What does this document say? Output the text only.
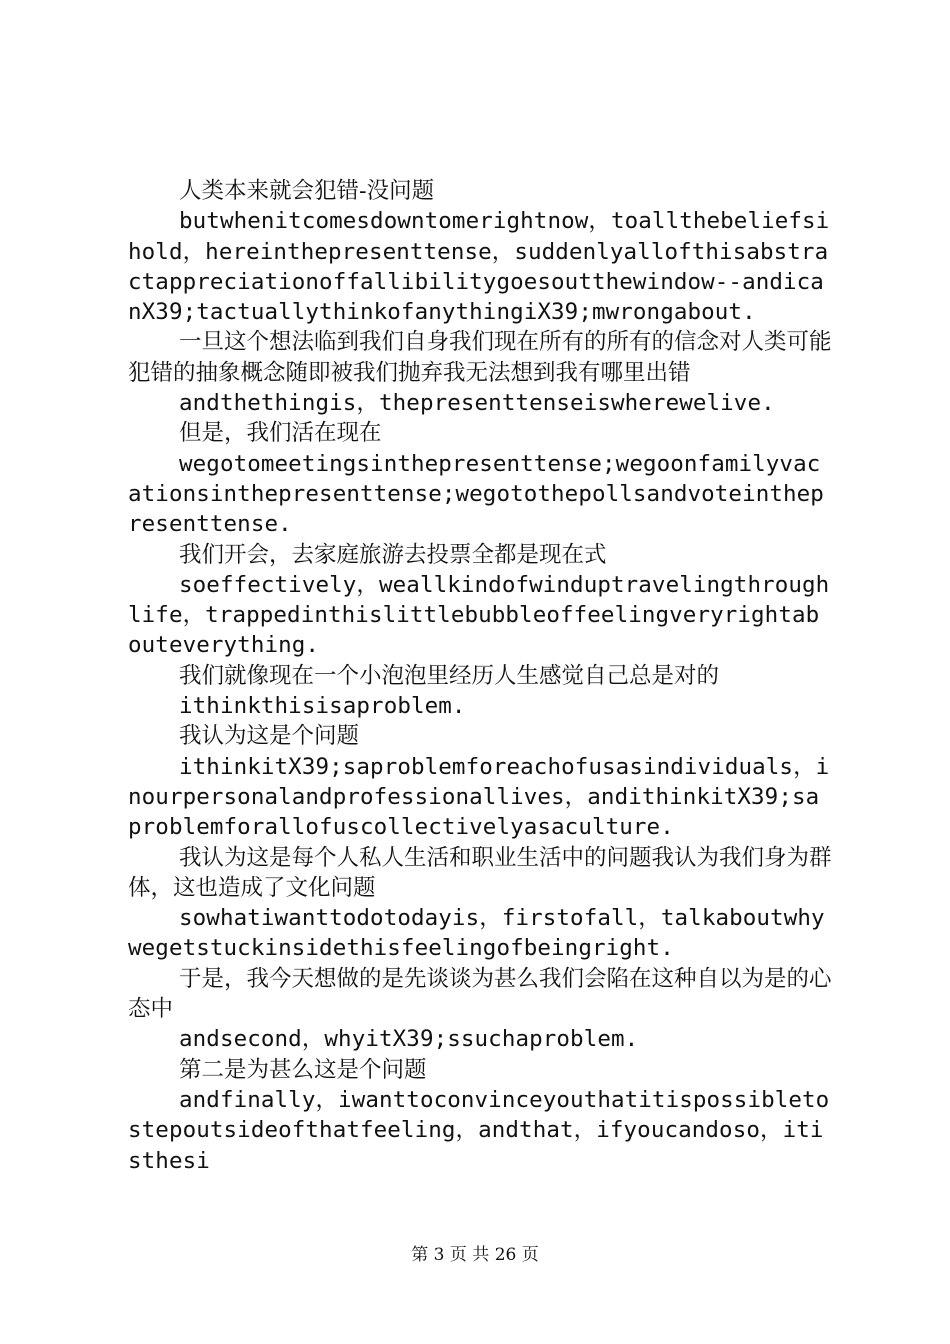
人类本来就会犯错-没问题

butwhenitcomesdowntomerightnow，toallthebeliefsihold，hereinthepresenttense，suddenlyallofthisabstractappreciationoffallibilitygoesoutthewindow--andicanX39;tactuallythinkofanythingiX39;mwrongabout.

一旦这个想法临到我们自身我们现在所有的所有的信念对人类可能犯错的抽象概念随即被我们抛弃我无法想到我有哪里出错

andthethingis，thepresenttenseiswherewelive.

但是，我们活在现在

wegotomeetingsinthepresenttense;wegoonfamilyvacationsinthepresenttense;wegotothepollsandvoteinthepresenttense.

我们开会，去家庭旅游去投票全都是现在式

soeffectively，weallkindofwinduptravelingthroughlife，trappedinthislittlebubbleoffeelingveryrightabouteverything.

我们就像现在一个小泡泡里经历人生感觉自己总是对的

ithinkthisisaproblem.

我认为这是个问题

ithinkitX39;saproblemforeachofusasindividuals，inourpersonalandprofessionallives，andithinkitX39;saproblemforallofuscollectivelyasaculture.

我认为这是每个人私人生活和职业生活中的问题我认为我们身为群体，这也造成了文化问题

sowhatiwanttodotodayis，firstofall，talkaboutwhywegetstuckinsidethisfeelingofbeingright.

于是，我今天想做的是先谈谈为甚么我们会陷在这种自以为是的心态中

andsecond，whyitX39;ssuchaproblem.

第二是为甚么这是个问题

andfinally，iwanttoconvinceyouthatitispossibletostepoutsideofthatfeeling，andthat，ifyoucandoso，itisthesi

第 3 页 共 26 页
